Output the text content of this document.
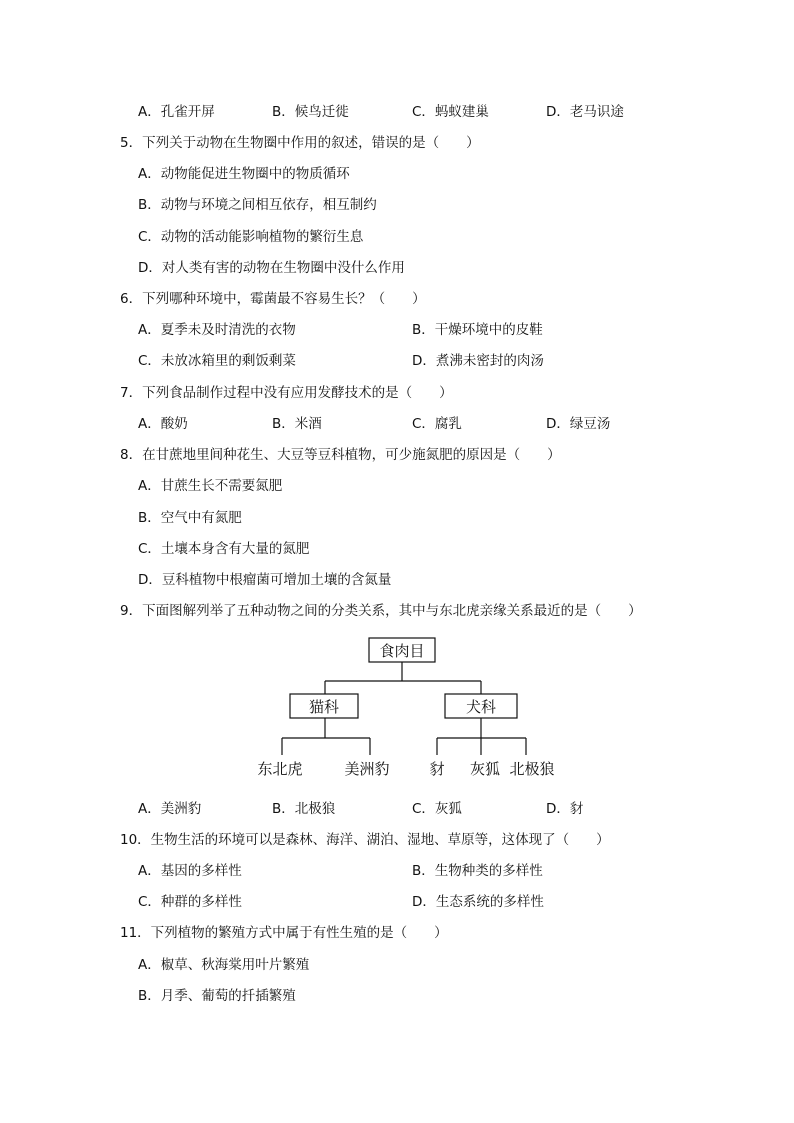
A．孔雀开屏	B．候鸟迁徙	C．蚂蚁建巢	D．老马识途
5．下列关于动物在生物圈中作用的叙述，错误的是（　　）
A．动物能促进生物圈中的物质循环
B．动物与环境之间相互依存，相互制约
C．动物的活动能影响植物的繁衍生息
D．对人类有害的动物在生物圈中没什么作用
6．下列哪种环境中，霉菌最不容易生长？（　　）
A．夏季未及时清洗的衣物	B．干燥环境中的皮鞋
C．未放冰箱里的剩饭剩菜	D．煮沸未密封的肉汤
7．下列食品制作过程中没有应用发酵技术的是（　　）
A．酸奶	B．米酒	C．腐乳	D．绿豆汤
8．在甘蔗地里间种花生、大豆等豆科植物，可少施氮肥的原因是（　　）
A．甘蔗生长不需要氮肥
B．空气中有氮肥
C．土壤本身含有大量的氮肥
D．豆科植物中根瘤菌可增加土壤的含氮量
9．下面图解列举了五种动物之间的分类关系，其中与东北虎亲缘关系最近的是（　　）
食肉目
猫科	犬科
东北虎	美洲豹	豺 灰狐 北极狼
A．美洲豹	B．北极狼	C．灰狐	D．豺
10．生物生活的环境可以是森林、海洋、湖泊、湿地、草原等，这体现了（　　）
A．基因的多样性	B．生物种类的多样性
C．种群的多样性	D．生态系统的多样性
11．下列植物的繁殖方式中属于有性生殖的是（　　）
A．椒草、秋海棠用叶片繁殖
B．月季、葡萄的扦插繁殖
